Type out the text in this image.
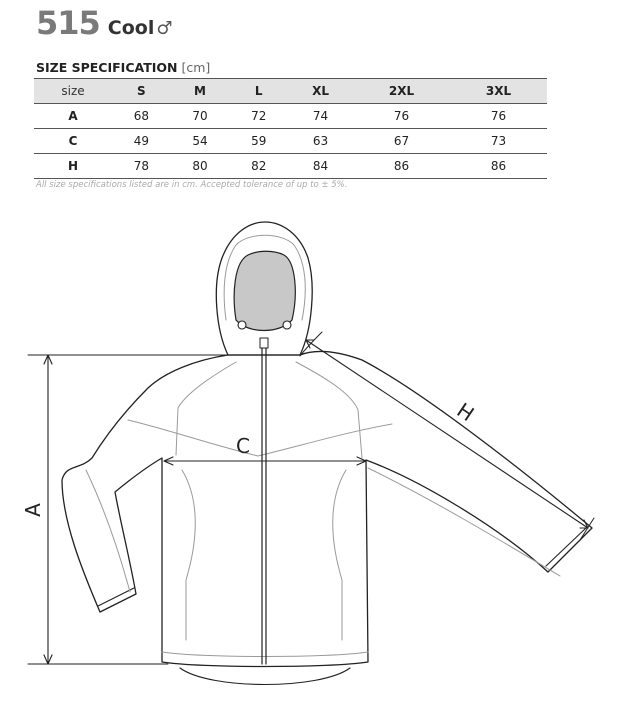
515 Cool ♂
SIZE SPECIFICATION [cm]
size	S	M	L	XL	2XL	3XL
A	68	70	72	74	76	76
C	49	54	59	63	67	73
H	78	80	82	84	86	86
All size specifications listed are in cm. Accepted tolerance of up to ± 5%.
A
C
H
